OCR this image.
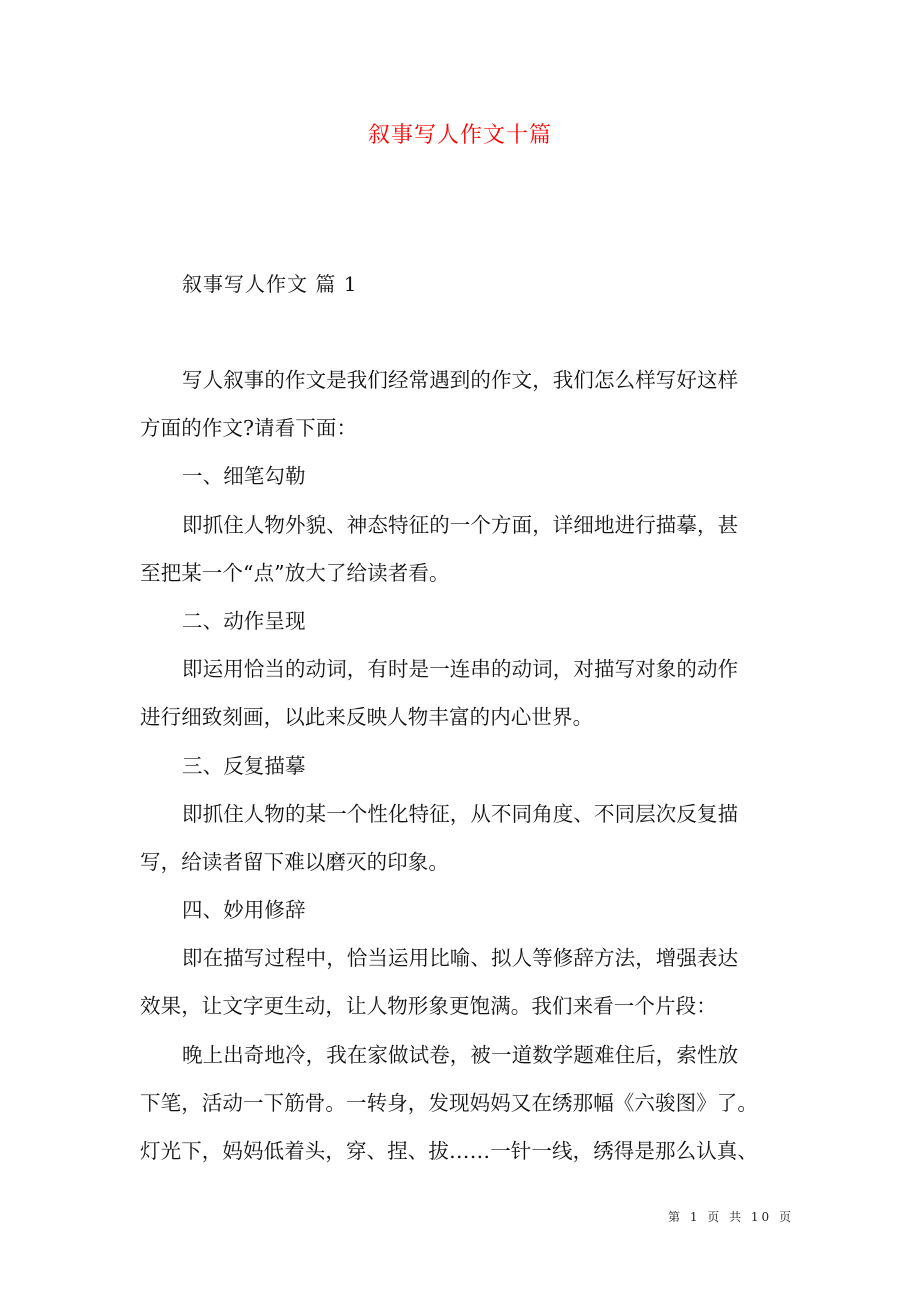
叙事写人作文十篇
叙事写人作文 篇 1
写人叙事的作文是我们经常遇到的作文，我们怎么样写好这样
方面的作文?请看下面：
一、细笔勾勒
即抓住人物外貌、神态特征的一个方面，详细地进行描摹，甚
至把某一个“点”放大了给读者看。
二、动作呈现
即运用恰当的动词，有时是一连串的动词，对描写对象的动作
进行细致刻画，以此来反映人物丰富的内心世界。
三、反复描摹
即抓住人物的某一个性化特征，从不同角度、不同层次反复描
写，给读者留下难以磨灭的印象。
四、妙用修辞
即在描写过程中，恰当运用比喻、拟人等修辞方法，增强表达
效果，让文字更生动，让人物形象更饱满。我们来看一个片段：
晚上出奇地冷，我在家做试卷，被一道数学题难住后，索性放
下笔，活动一下筋骨。一转身，发现妈妈又在绣那幅《六骏图》了。
灯光下，妈妈低着头，穿、捏、拔……一针一线，绣得是那么认真、
第 1 页 共 10 页
